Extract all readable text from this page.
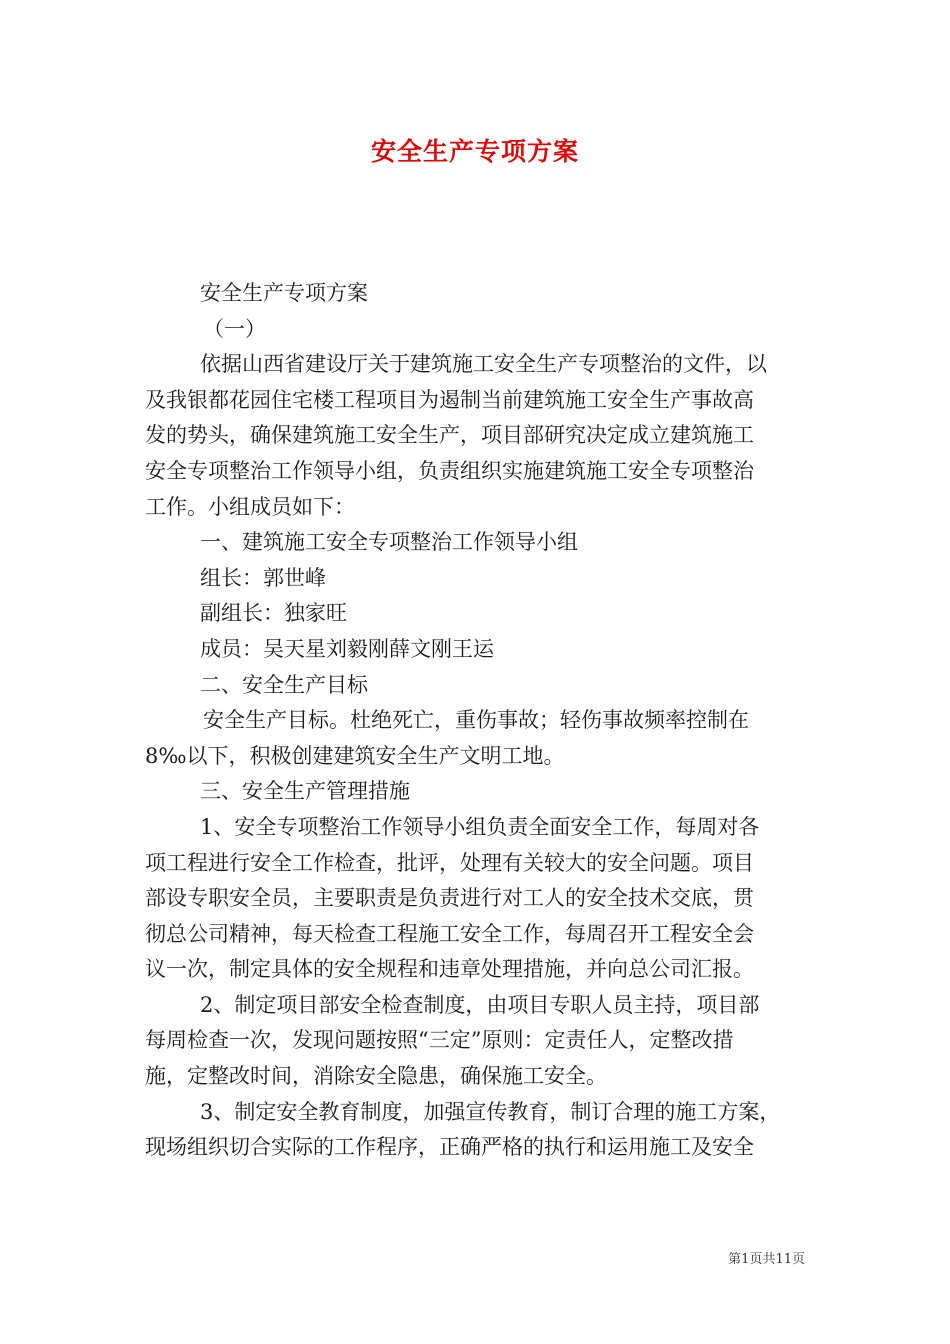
安全生产专项方案

安全生产专项方案

（一）

依据山西省建设厅关于建筑施工安全生产专项整治的文件，以

及我银都花园住宅楼工程项目为遏制当前建筑施工安全生产事故高

发的势头，确保建筑施工安全生产，项目部研究决定成立建筑施工

安全专项整治工作领导小组，负责组织实施建筑施工安全专项整治

工作。小组成员如下：

一、建筑施工安全专项整治工作领导小组

组长：郭世峰

副组长：独家旺

成员：吴天星刘毅刚薛文刚王运

二、安全生产目标

安全生产目标。杜绝死亡，重伤事故；轻伤事故频率控制在

8‰以下，积极创建建筑安全生产文明工地。

三、安全生产管理措施

1、安全专项整治工作领导小组负责全面安全工作，每周对各

项工程进行安全工作检查，批评，处理有关较大的安全问题。项目

部设专职安全员，主要职责是负责进行对工人的安全技术交底，贯

彻总公司精神，每天检查工程施工安全工作，每周召开工程安全会

议一次，制定具体的安全规程和违章处理措施，并向总公司汇报。

2、制定项目部安全检查制度，由项目专职人员主持，项目部

每周检查一次，发现问题按照“三定”原则：定责任人，定整改措

施，定整改时间，消除安全隐患，确保施工安全。

3、制定安全教育制度，加强宣传教育，制订合理的施工方案，

现场组织切合实际的工作程序，正确严格的执行和运用施工及安全

第1页共11页
